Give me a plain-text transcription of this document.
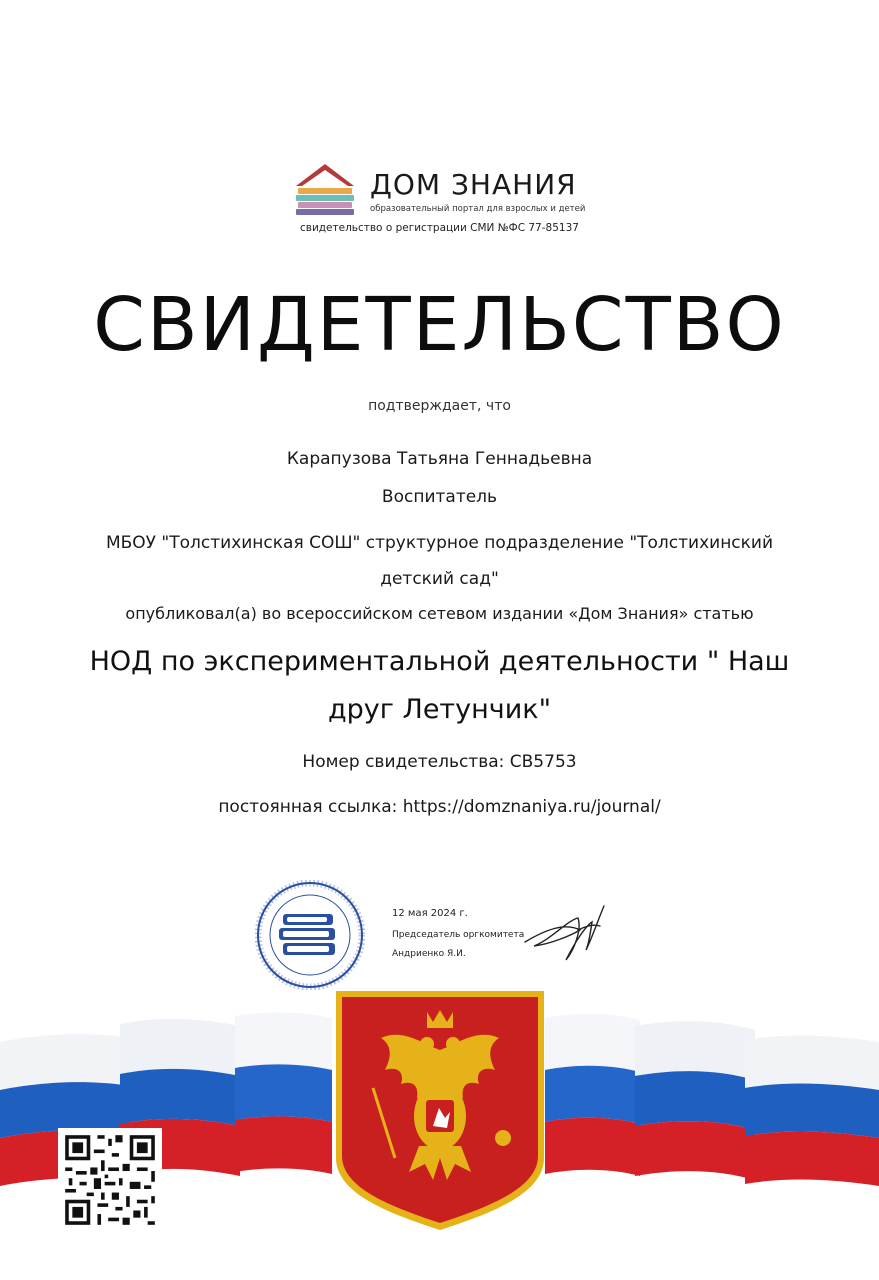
ДОМ ЗНАНИЯ
образовательный портал для взрослых и детей
свидетельство о регистрации СМИ №ФС 77-85137
СВИДЕТЕЛЬСТВО
подтверждает, что
Карапузова Татьяна Геннадьевна
Воспитатель
МБОУ "Толстихинская СОШ" структурное подразделение "Толстихинский детский сад"
опубликовал(а) во всероссийском сетевом издании «Дом Знания» статью
НОД по экспериментальной деятельности " Наш друг Летунчик"
Номер свидетельства: СВ5753
постоянная ссылка: https://domznaniya.ru/journal/
12 мая 2024 г.
Председатель оргкомитета
Андриенко Я.И.
